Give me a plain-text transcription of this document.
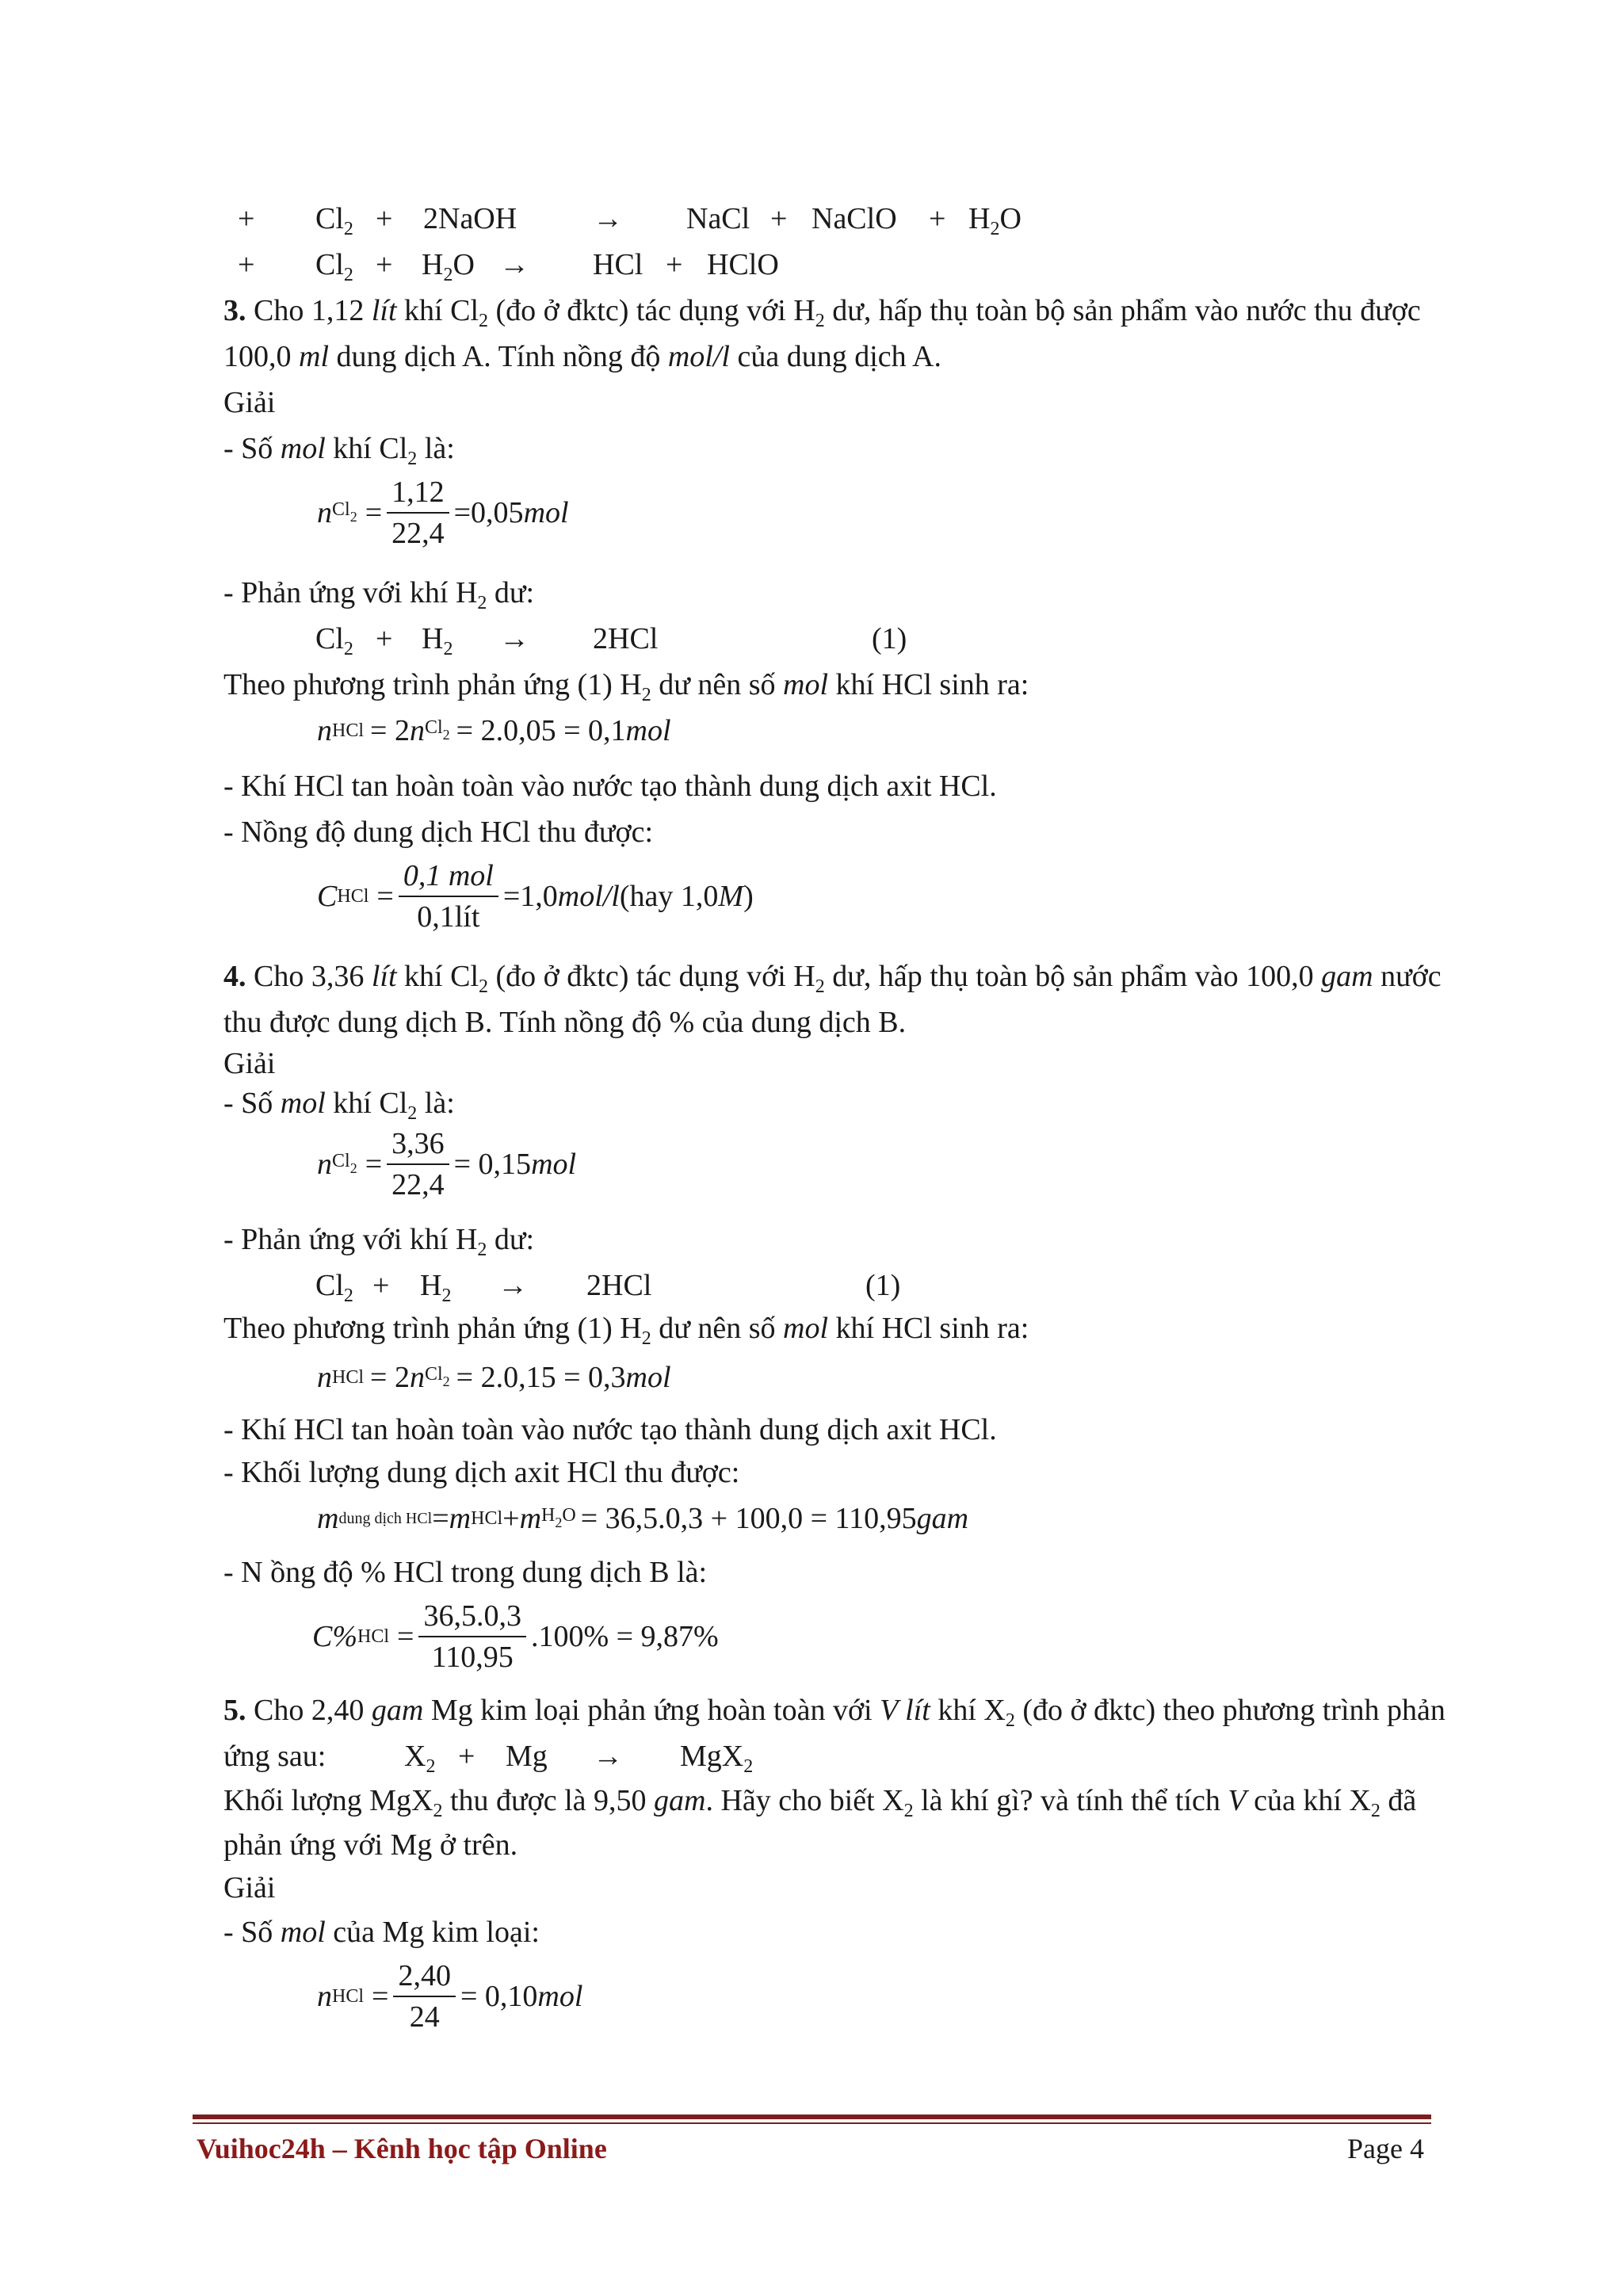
+ $Cl_2$ + 2NaOH	→ NaCl + NaClO + $H_2O$
+ $Cl_2 + H_2O$ → HCl + HClO
3. Cho 1,12 lít khí $Cl_2$ (đo ở đktc) tác dụng với $H_2$ dư, hấp thụ toàn bộ sản phẩm vào nước thu được
100,0 ml dung dịch A. Tính nồng độ mol/l của dung dịch A.
Giải
- Số mol khí $Cl_2$ là:
n $Cl_2 = \frac{1,12}{22,4} =0,05$ mol
- Phản ứng với khí $H_2$ dư:
$Cl_2 + H_2 \to 2HCl$	(1)
Theo phương trình phản ứng (1) $H_2$ dư nên số mol khí HCl sinh ra:
n HCl = 2 n $Cl_2 = 2.0,05 = 0,1$ mol
- Khí HCl tan hoàn toàn vào nước tạo thành dung dịch axit HCl.
- Nồng độ dung dịch HCl thu được:
C HCl = $\frac{\text{0,1 mol}}{\text{0,1lít}} =1,0$ mol/l (hay 1,0 M )
4. Cho 3,36 lít khí $Cl_2$ (đo ở đktc) tác dụng với $H_2$ dư, hấp thụ toàn bộ sản phẩm vào 100,0 gam nước
thu được dung dịch B. Tính nồng độ % của dung dịch B.
Giải
- Số mol khí $Cl_2$ là:
n $Cl_2 = \frac{3,36}{22,4} = 0,15$ mol
- Phản ứng với khí $H_2$ dư:
$Cl_2 + H_2 \to 2HCl$	(1)
Theo phương trình phản ứng (1) $H_2$ dư nên số mol khí HCl sinh ra:
n HCl = 2 n $Cl_2 = 2.0,15 = 0,3$ mol
- Khí HCl tan hoàn toàn vào nước tạo thành dung dịch axit HCl.
- Khối lượng dung dịch axit HCl thu được:
m dung dịch HCl = m HCl + m $H_2O = 36,5.0,3 + 100,0 = 110,95$ gam
- N ồng độ % HCl trong dung dịch B là:
C% HCl = $\frac{36,5.0,3}{110,95} .100\% = 9,87\%$
5. Cho 2,40 gam Mg kim loại phản ứng hoàn toàn với V lít khí $X_2$ (đo ở đktc) theo phương trình phản
ứng sau:	$X_2 + Mg \to MgX_2$
Khối lượng MgX$_2$ thu được là 9,50 gam. Hãy cho biết $X_2$ là khí gì? và tính thể tích V của khí $X_2$ đã
phản ứng với Mg ở trên.
Giải
- Số mol của Mg kim loại:
n HCl = $\frac{2,40}{24} = 0,10$ mol
Vuihoc24h – Kênh học tập Online	Page 4
